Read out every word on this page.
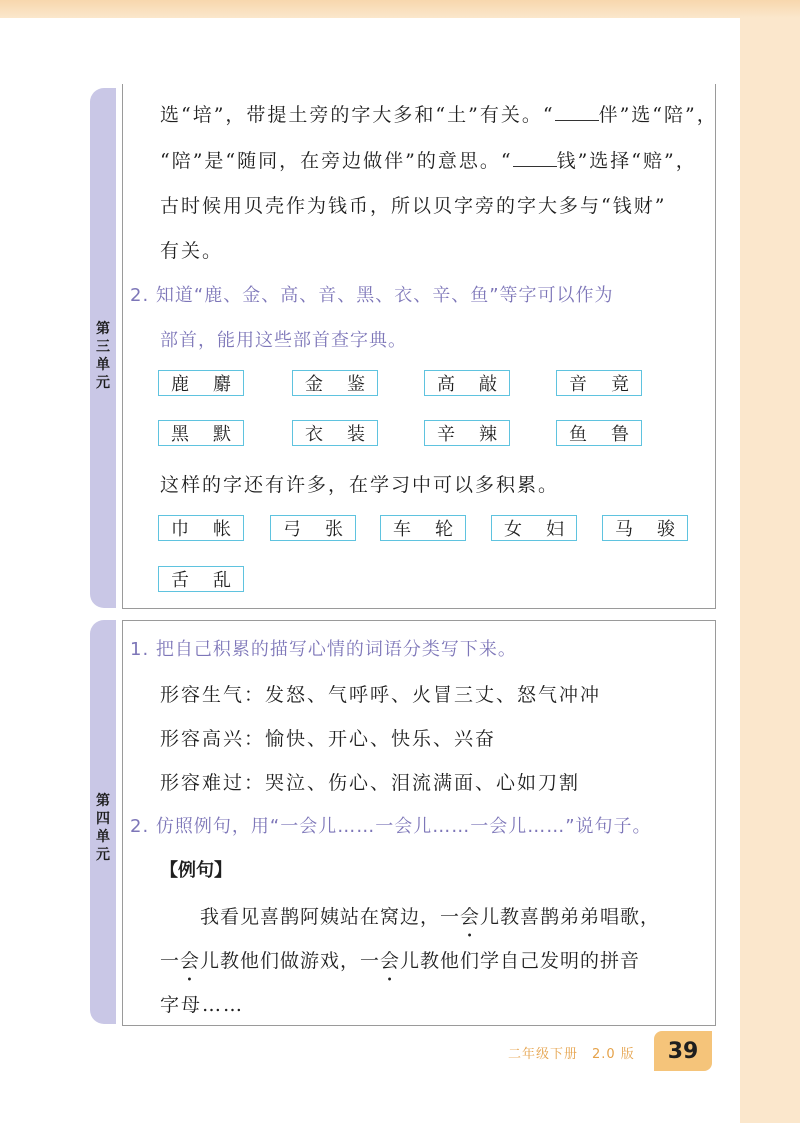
第
三
单
元
第
四
单
元
选“培”，带提土旁的字大多和“土”有关。“ 伴”选“陪”，
“陪”是“随同，在旁边做伴”的意思。“ 钱”选择“赔”，
古时候用贝壳作为钱币，所以贝字旁的字大多与“钱财”
有关。
2. 知道“鹿、金、高、音、黑、衣、辛、鱼”等字可以作为
部首，能用这些部首查字典。
鹿 麝	金 鉴	高 敲	音 竟
黑 默	衣 装	辛 辣	鱼 鲁
这样的字还有许多，在学习中可以多积累。
巾 帐	弓 张	车 轮	女 妇	马 骏
舌 乱
1. 把自己积累的描写心情的词语分类写下来。
形容生气：发怒、气呼呼、火冒三丈、怒气冲冲
形容高兴：愉快、开心、快乐、兴奋
形容难过：哭泣、伤心、泪流满面、心如刀割
2. 仿照例句，用“一会儿……一会儿……一会儿……”说句子。
【例句】
我看见喜鹊阿姨站在窝边，一会儿教喜鹊弟弟唱歌，
一会儿教他们做游戏，一会儿教他们学自己发明的拼音
字母……
二年级下册　2.0 版	39
